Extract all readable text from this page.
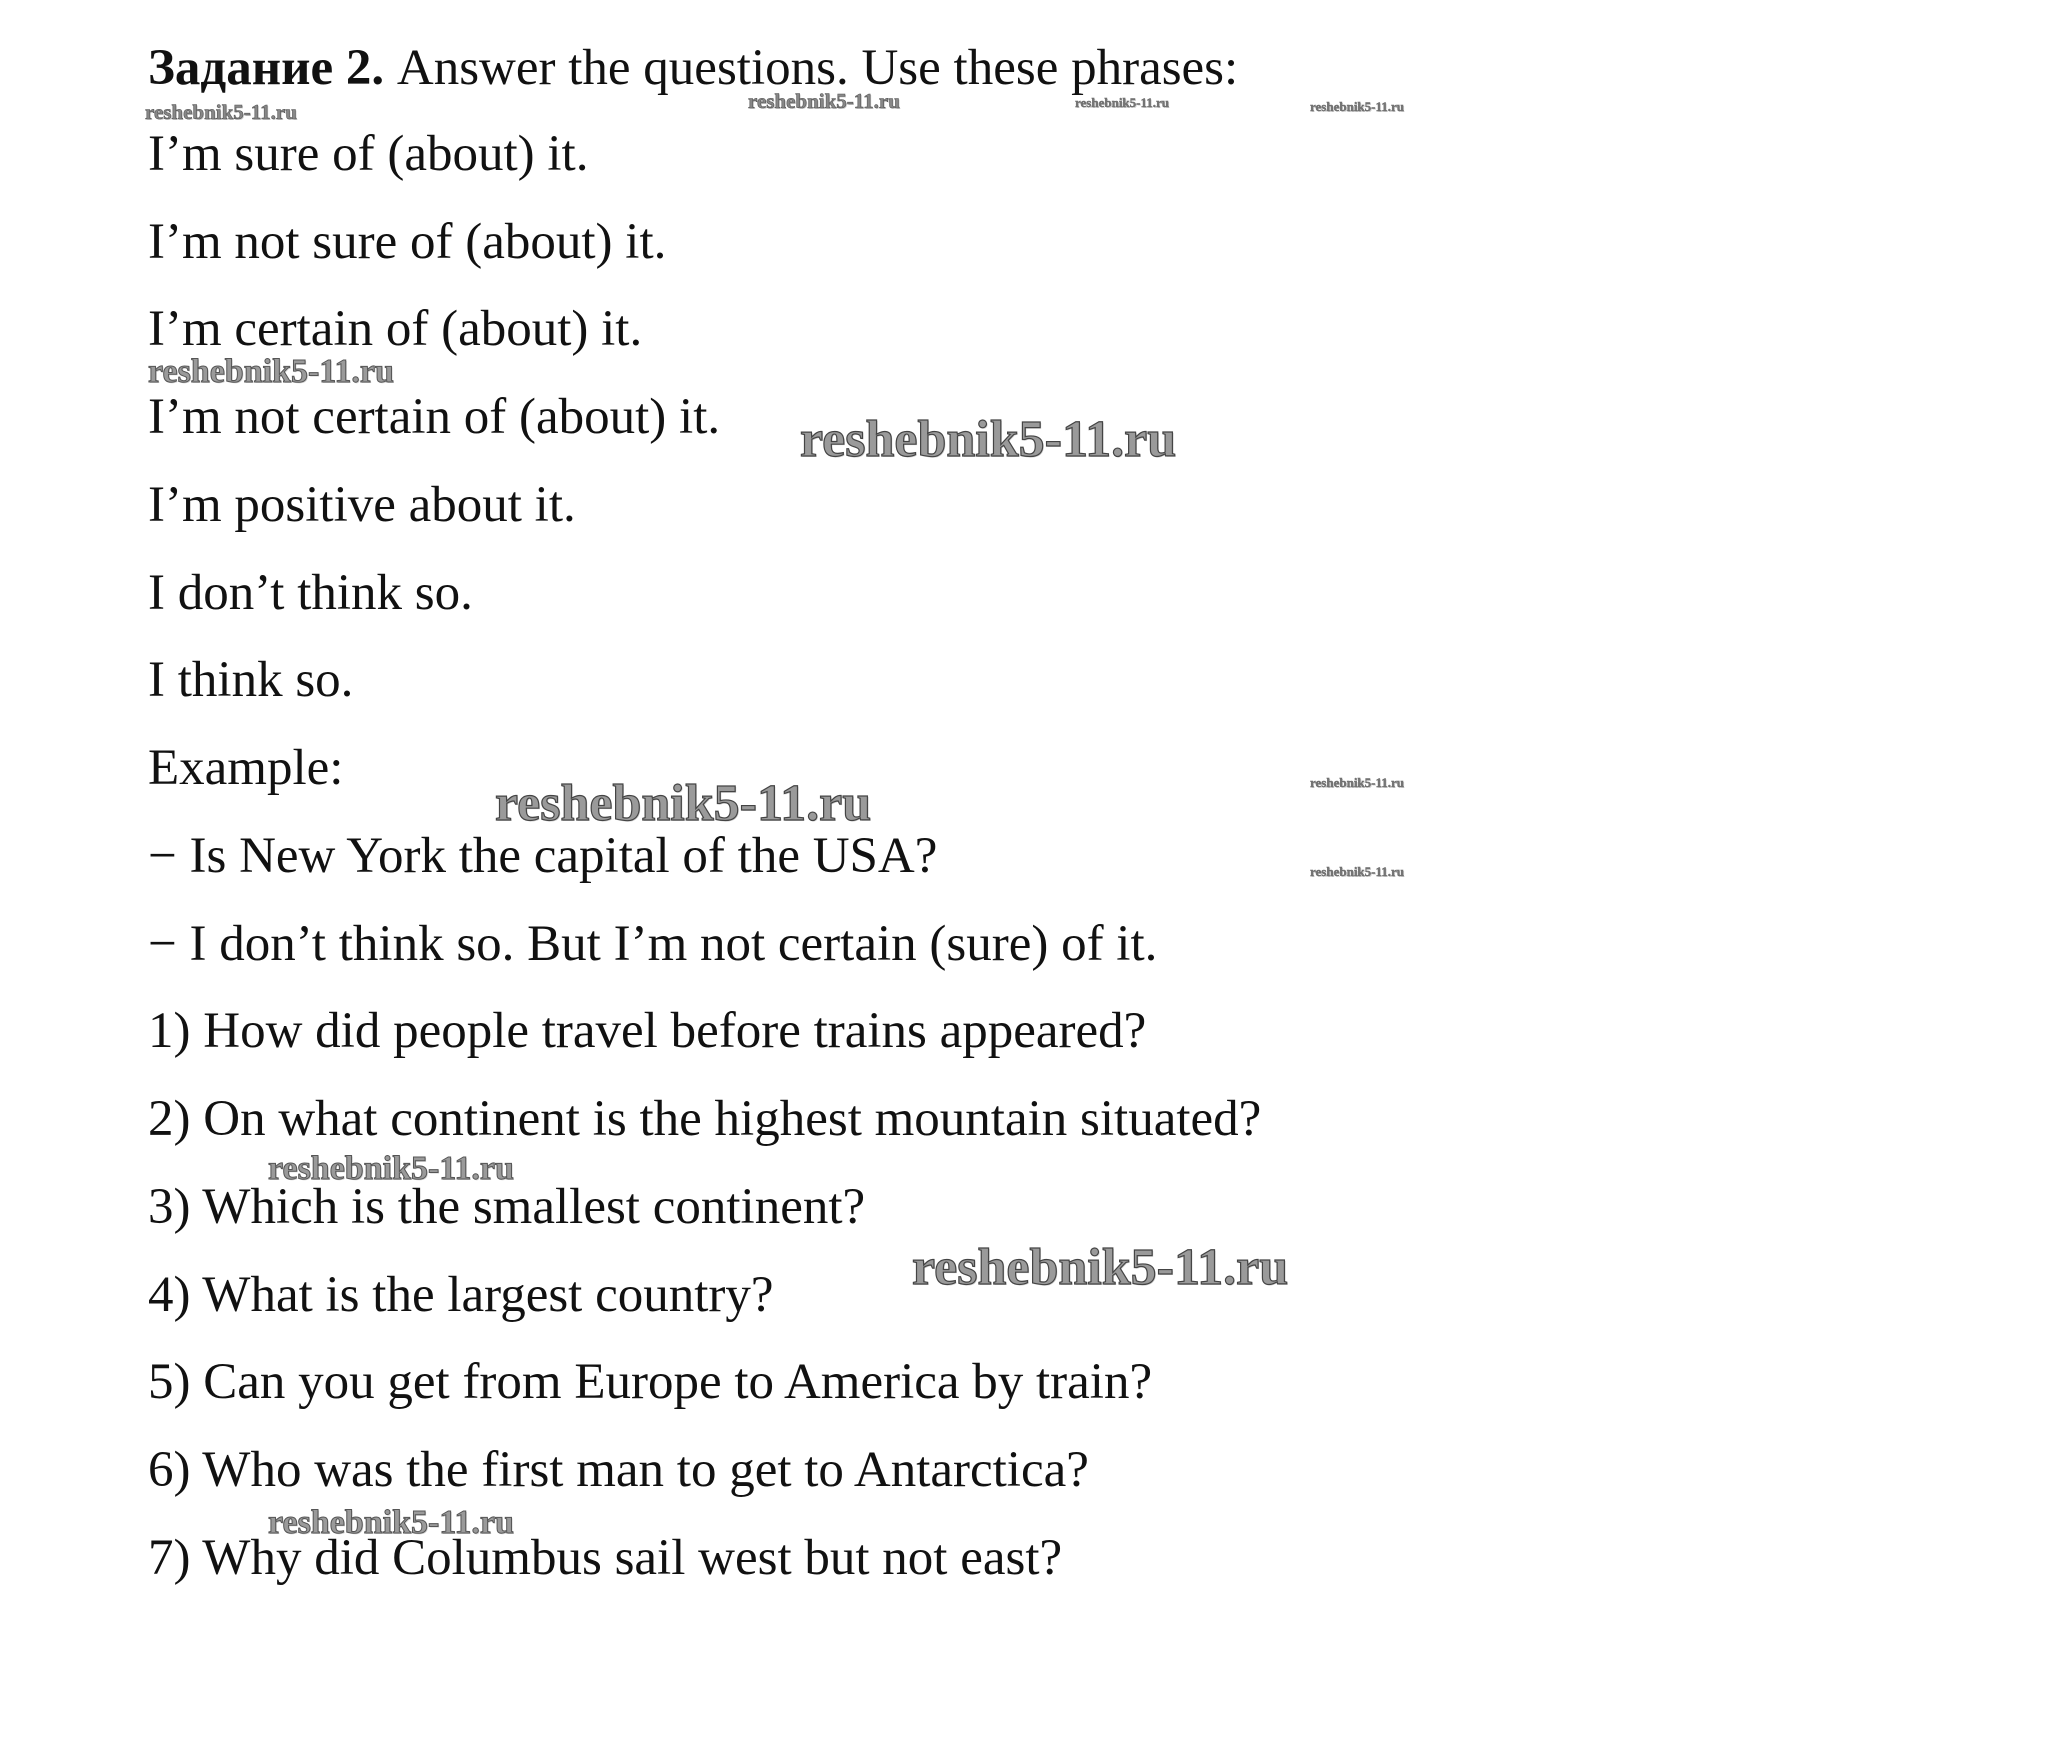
Задание 2. Answer the questions. Use these phrases:
I’m sure of (about) it.
I’m not sure of (about) it.
I’m certain of (about) it.
I’m not certain of (about) it.
I’m positive about it.
I don’t think so.
I think so.
Example:
− Is New York the capital of the USA?
− I don’t think so. But I’m not certain (sure) of it.
1) How did people travel before trains appeared?
2) On what continent is the highest mountain situated?
3) Which is the smallest continent?
4) What is the largest country?
5) Can you get from Europe to America by train?
6) Who was the first man to get to Antarctica?
7) Why did Columbus sail west but not east?
reshebnik5-11.ru	reshebnik5-11.ru	reshebnik5-11.ru	reshebnik5-11.ru
reshebnik5-11.ru
reshebnik5-11.ru
reshebnik5-11.ru
reshebnik5-11.ru
reshebnik5-11.ru
reshebnik5-11.ru
reshebnik5-11.ru
reshebnik5-11.ru
